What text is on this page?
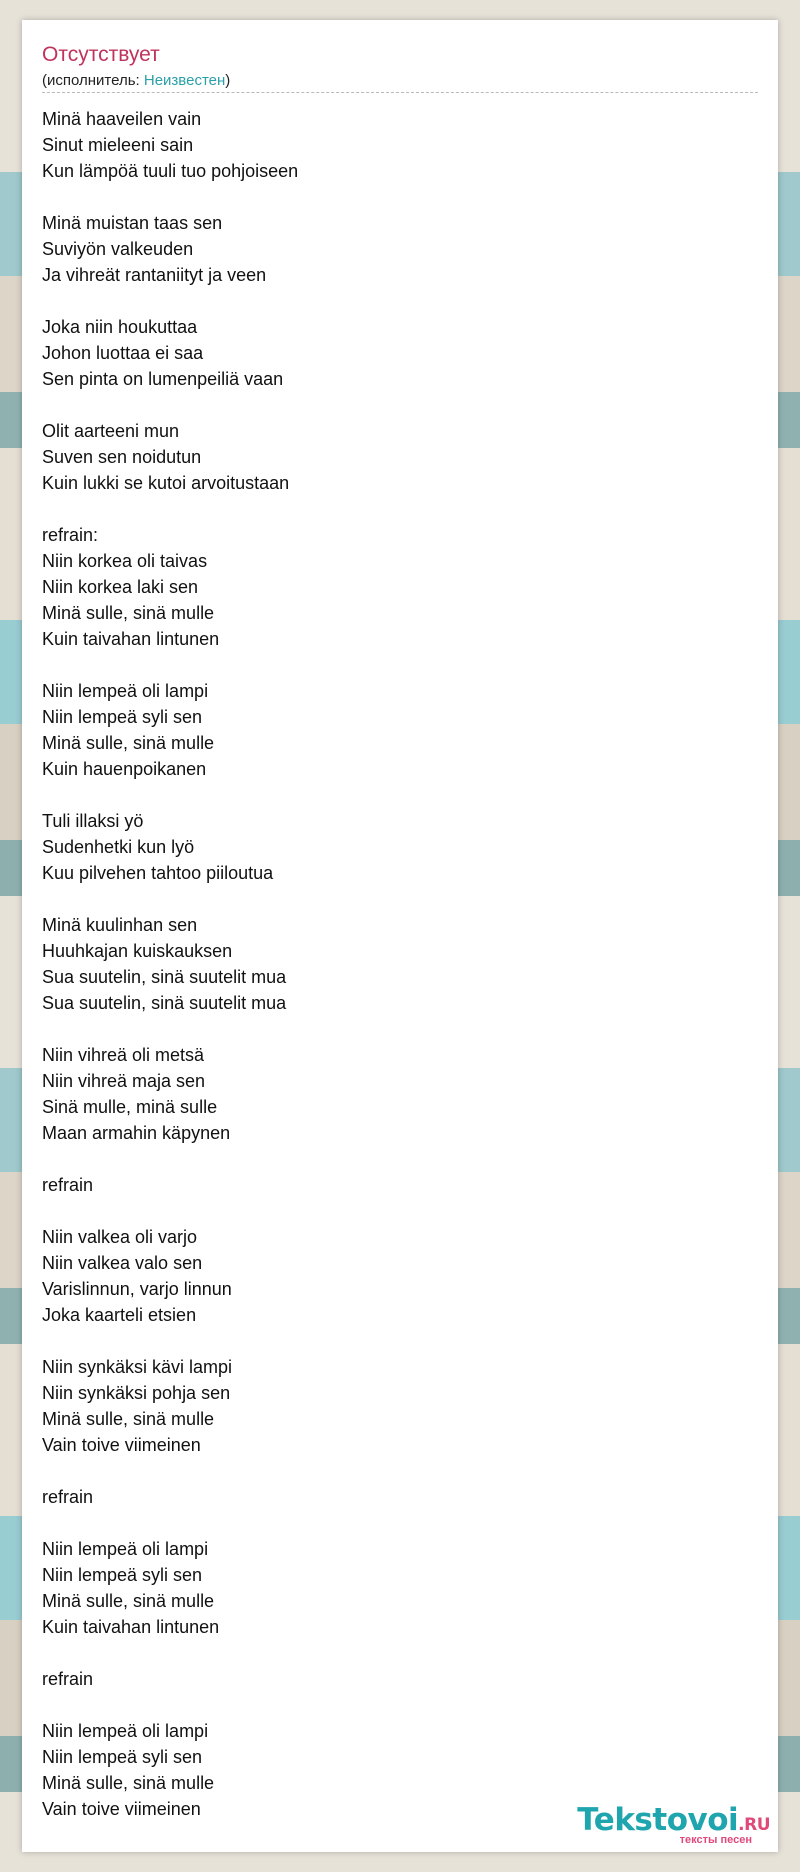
Отсутствует
(исполнитель: Неизвестен)
Minä haaveilen vain
Sinut mieleeni sain
Kun lämpöä tuuli tuo pohjoiseen
Minä muistan taas sen
Suviyön valkeuden
Ja vihreät rantaniityt ja veen
Joka niin houkuttaa
Johon luottaa ei saa
Sen pinta on lumenpeiliä vaan
Olit aarteeni mun
Suven sen noidutun
Kuin lukki se kutoi arvoitustaan
refrain:
Niin korkea oli taivas
Niin korkea laki sen
Minä sulle, sinä mulle
Kuin taivahan lintunen
Niin lempeä oli lampi
Niin lempeä syli sen
Minä sulle, sinä mulle
Kuin hauenpoikanen
Tuli illaksi yö
Sudenhetki kun lyö
Kuu pilvehen tahtoo piiloutua
Minä kuulinhan sen
Huuhkajan kuiskauksen
Sua suutelin, sinä suutelit mua
Sua suutelin, sinä suutelit mua
Niin vihreä oli metsä
Niin vihreä maja sen
Sinä mulle, minä sulle
Maan armahin käpynen
refrain
Niin valkea oli varjo
Niin valkea valo sen
Varislinnun, varjo linnun
Joka kaarteli etsien
Niin synkäksi kävi lampi
Niin synkäksi pohja sen
Minä sulle, sinä mulle
Vain toive viimeinen
refrain
Niin lempeä oli lampi
Niin lempeä syli sen
Minä sulle, sinä mulle
Kuin taivahan lintunen
refrain
Niin lempeä oli lampi
Niin lempeä syli sen
Minä sulle, sinä mulle
Vain toive viimeinen	Tekstovoi.RU
тексты песен
